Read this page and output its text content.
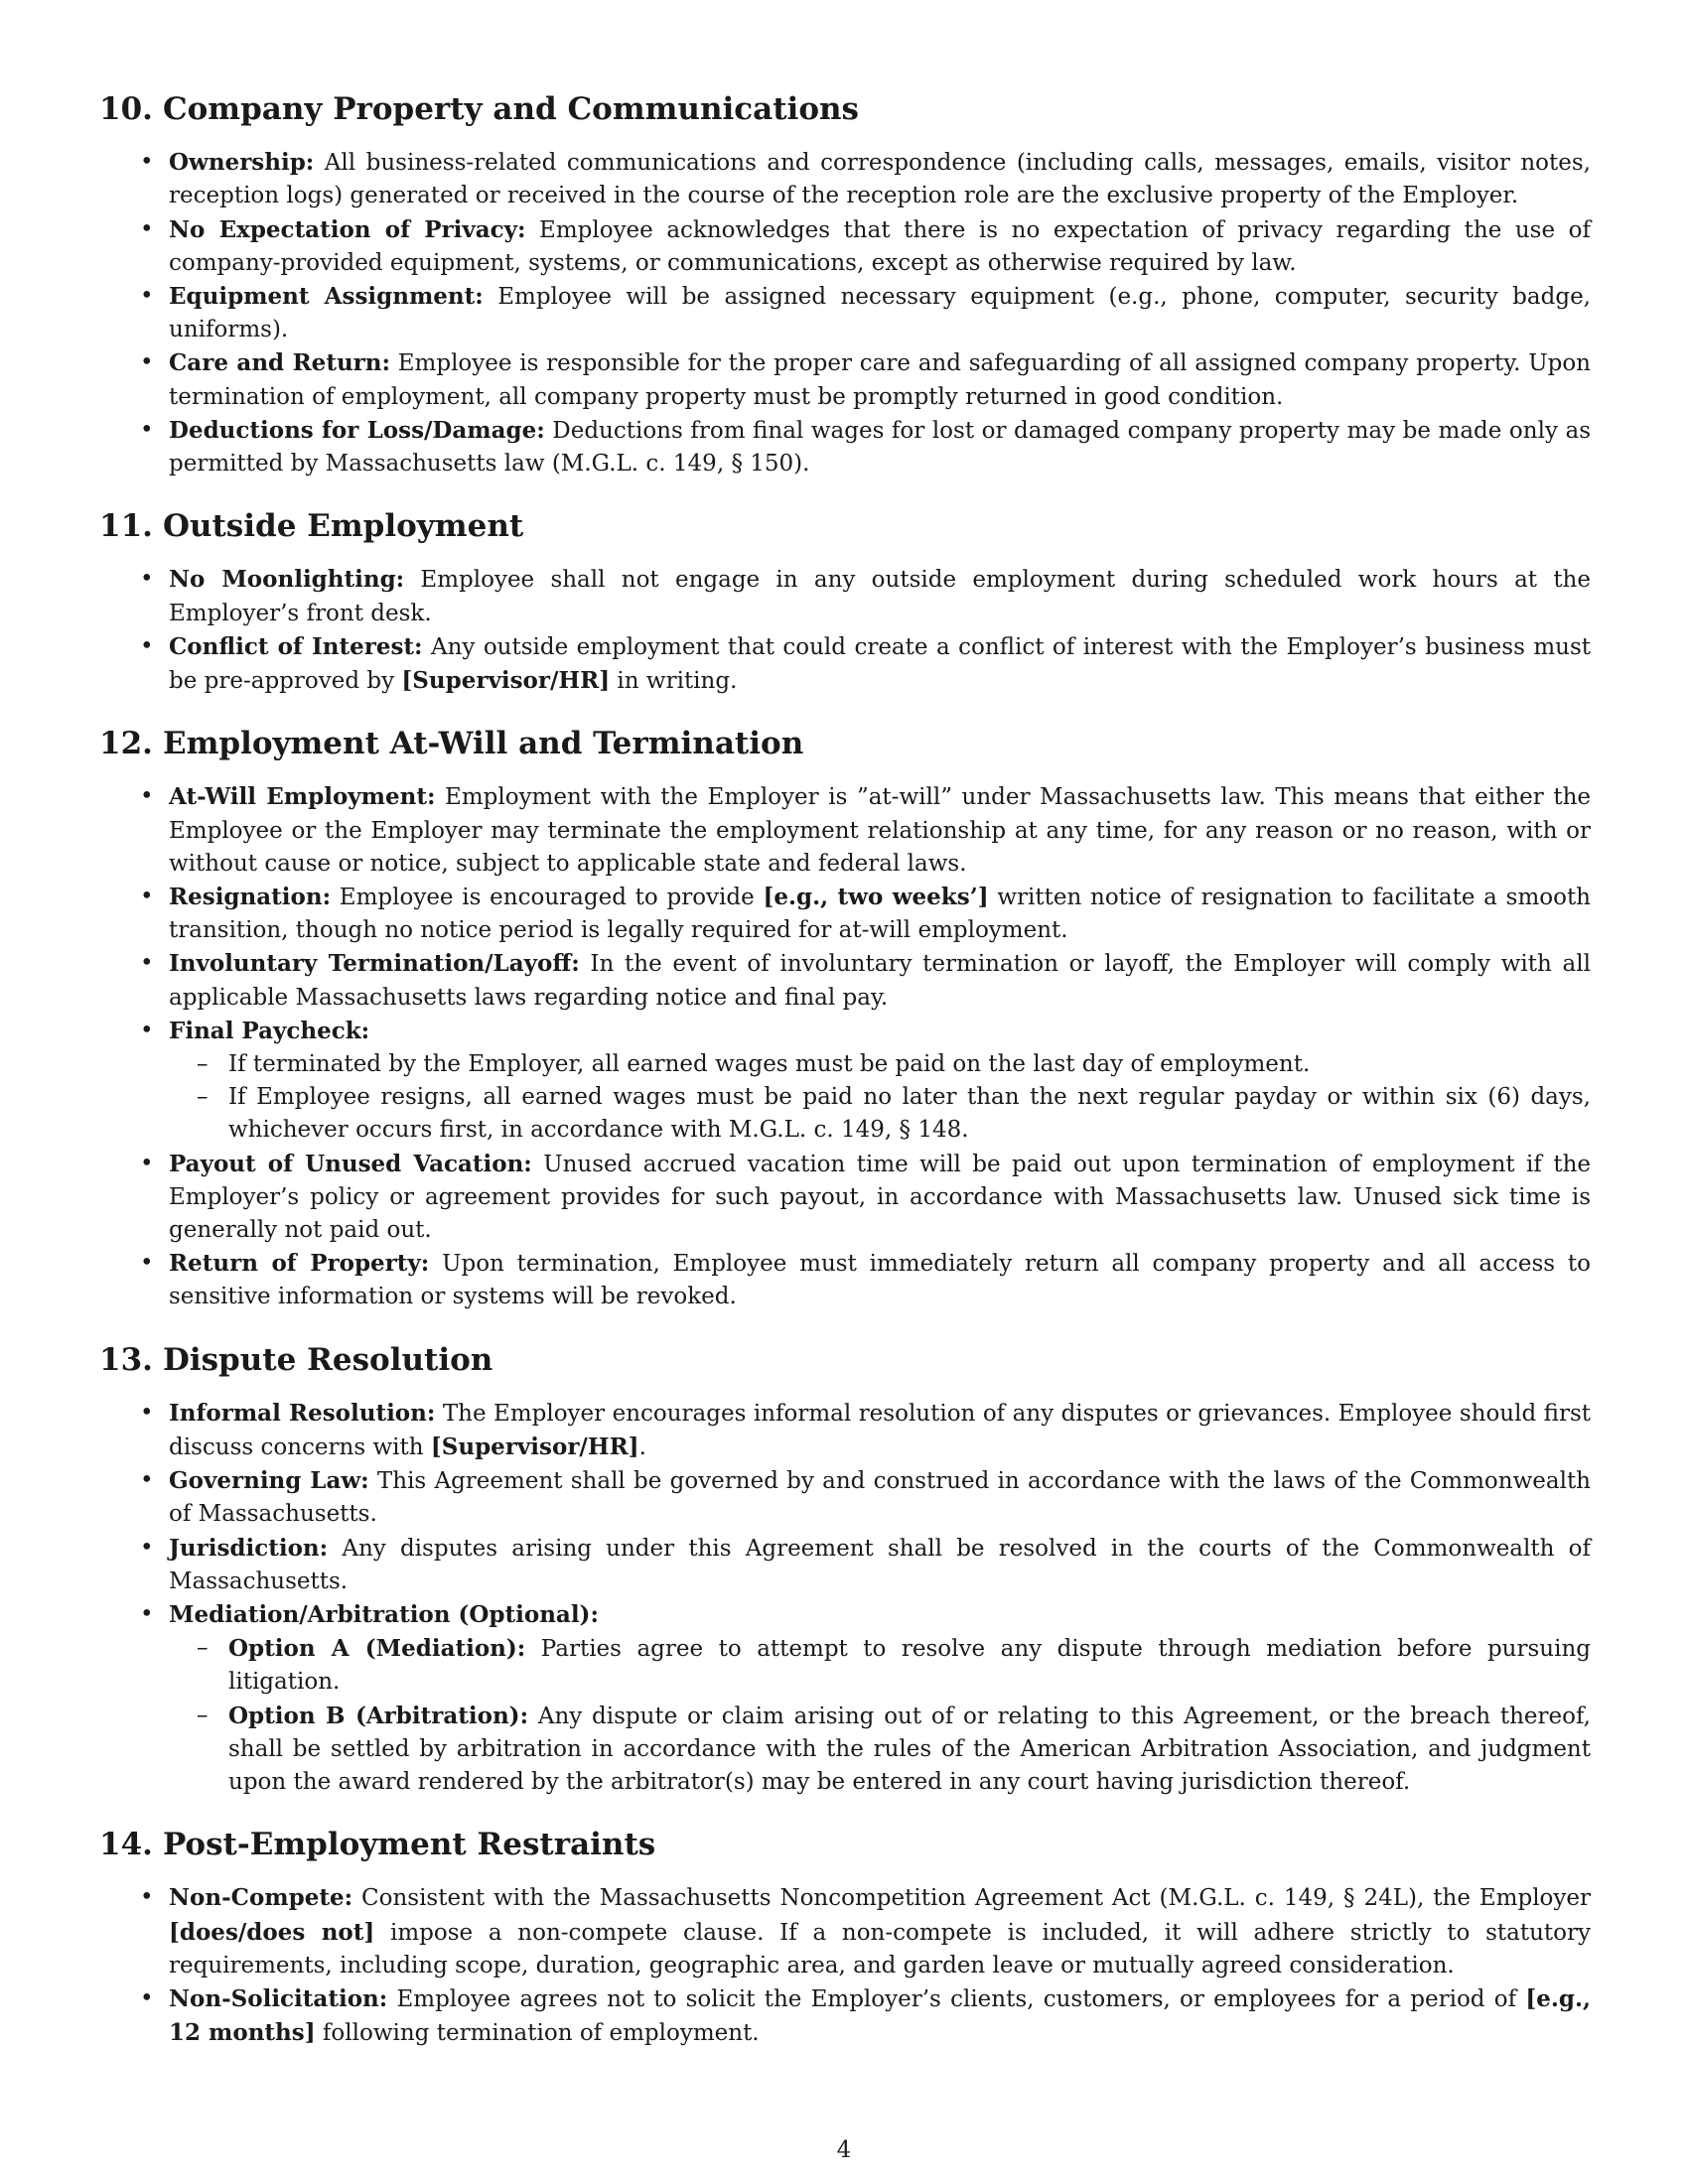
10. Company Property and Communications
• Ownership: All business-related communications and correspondence (including calls, messages, emails, visitor notes, reception logs) generated or received in the course of the reception role are the exclusive property of the Employer.
• No Expectation of Privacy: Employee acknowledges that there is no expectation of privacy regarding the use of company-provided equipment, systems, or communications, except as otherwise required by law.
• Equipment Assignment: Employee will be assigned necessary equipment (e.g., phone, computer, security badge, uniforms).
• Care and Return: Employee is responsible for the proper care and safeguarding of all assigned company property. Upon termination of employment, all company property must be promptly returned in good condition.
• Deductions for Loss/Damage: Deductions from final wages for lost or damaged company property may be made only as permitted by Massachusetts law (M.G.L. c. 149, § 150).
11. Outside Employment
• No Moonlighting: Employee shall not engage in any outside employment during scheduled work hours at the Employer’s front desk.
• Conflict of Interest: Any outside employment that could create a conflict of interest with the Employer’s business must be pre-approved by [Supervisor/HR] in writing.
12. Employment At-Will and Termination
• At-Will Employment: Employment with the Employer is ”at-will” under Massachusetts law. This means that either the Employee or the Employer may terminate the employment relationship at any time, for any reason or no reason, with or without cause or notice, subject to applicable state and federal laws.
• Resignation: Employee is encouraged to provide [e.g., two weeks’] written notice of resignation to facilitate a smooth transition, though no notice period is legally required for at-will employment.
• Involuntary Termination/Layoff: In the event of involuntary termination or layoff, the Employer will comply with all applicable Massachusetts laws regarding notice and final pay.
• Final Paycheck:
– If terminated by the Employer, all earned wages must be paid on the last day of employment.
– If Employee resigns, all earned wages must be paid no later than the next regular payday or within six (6) days, whichever occurs first, in accordance with M.G.L. c. 149, § 148.
• Payout of Unused Vacation: Unused accrued vacation time will be paid out upon termination of employment if the Employer’s policy or agreement provides for such payout, in accordance with Massachusetts law. Unused sick time is generally not paid out.
• Return of Property: Upon termination, Employee must immediately return all company property and all access to sensitive information or systems will be revoked.
13. Dispute Resolution
• Informal Resolution: The Employer encourages informal resolution of any disputes or grievances. Employee should first discuss concerns with [Supervisor/HR].
• Governing Law: This Agreement shall be governed by and construed in accordance with the laws of the Commonwealth of Massachusetts.
• Jurisdiction: Any disputes arising under this Agreement shall be resolved in the courts of the Commonwealth of Massachusetts.
• Mediation/Arbitration (Optional):
– Option A (Mediation): Parties agree to attempt to resolve any dispute through mediation before pursuing litigation.
– Option B (Arbitration): Any dispute or claim arising out of or relating to this Agreement, or the breach thereof, shall be settled by arbitration in accordance with the rules of the American Arbitration Association, and judgment upon the award rendered by the arbitrator(s) may be entered in any court having jurisdiction thereof.
14. Post-Employment Restraints
• Non-Compete: Consistent with the Massachusetts Noncompetition Agreement Act (M.G.L. c. 149, § 24L), the Employer [does/does not] impose a non-compete clause. If a non-compete is included, it will adhere strictly to statutory requirements, including scope, duration, geographic area, and garden leave or mutually agreed consideration.
• Non-Solicitation: Employee agrees not to solicit the Employer’s clients, customers, or employees for a period of [e.g., 12 months] following termination of employment.
4
